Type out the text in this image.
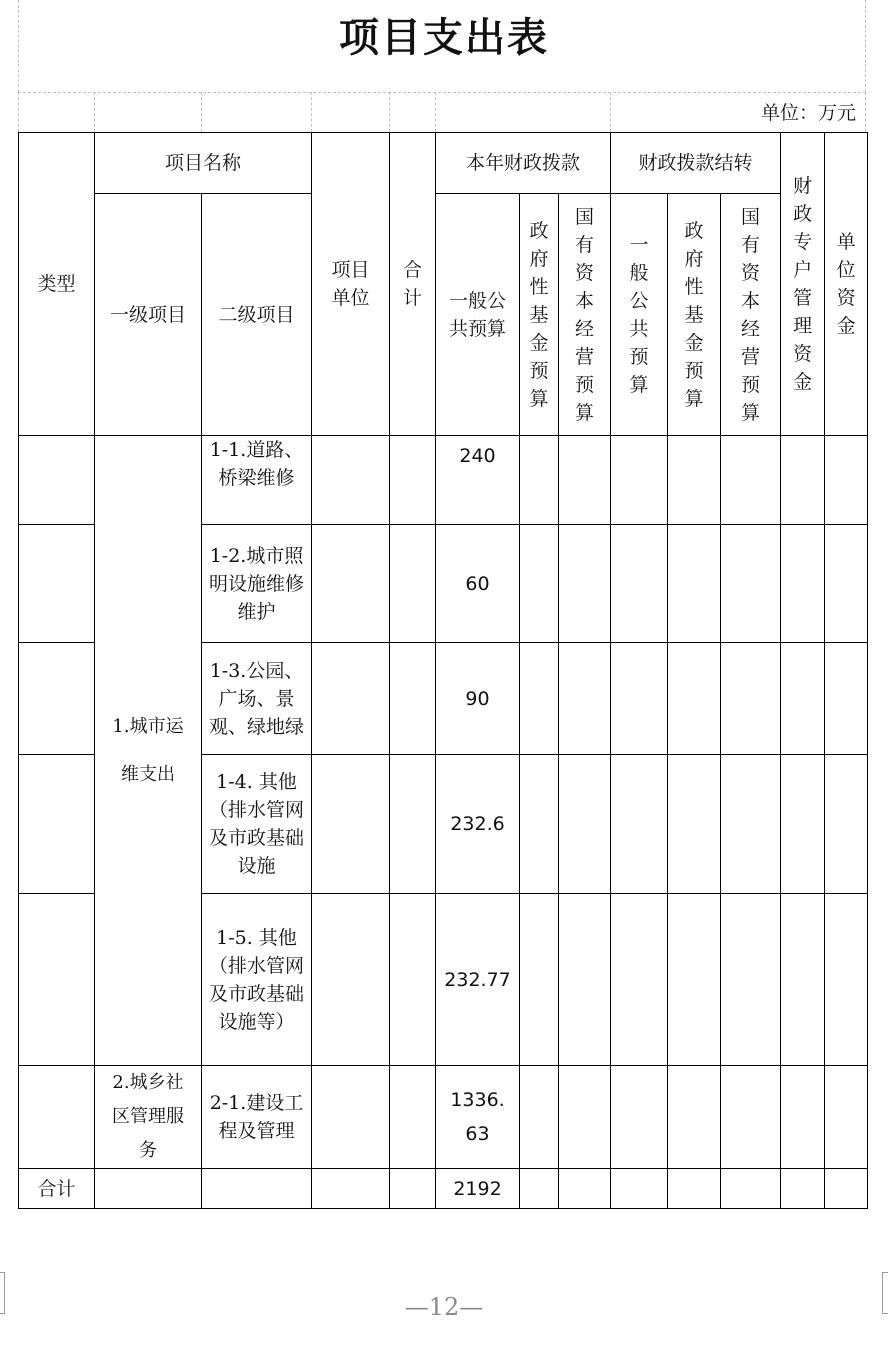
项目支出表
单位：万元
类型	项目名称		项目单位	合计	本年财政拨款			财政拨款结转			财政专户管理资金	单位资金

	一级项目	二级项目			一般公共预算	政府性基金预算	国有资本经营预算	一般公共预算	政府性基金预算	国有资本经营预算		

	1.城市运维支出	1-1.道路、桥梁维修			240							

		1-2.城市照明设施维修维护			60							

		1-3.公园、广场、景观、绿地绿			90							

		1-4. 其他（排水管网及市政基础设施			232.6							

		1-5. 其他（排水管网及市政基础设施等）			232.77							

	2.城乡社区管理服务	2-1.建设工程及管理			1336.63							

合计					2192							
—12—
